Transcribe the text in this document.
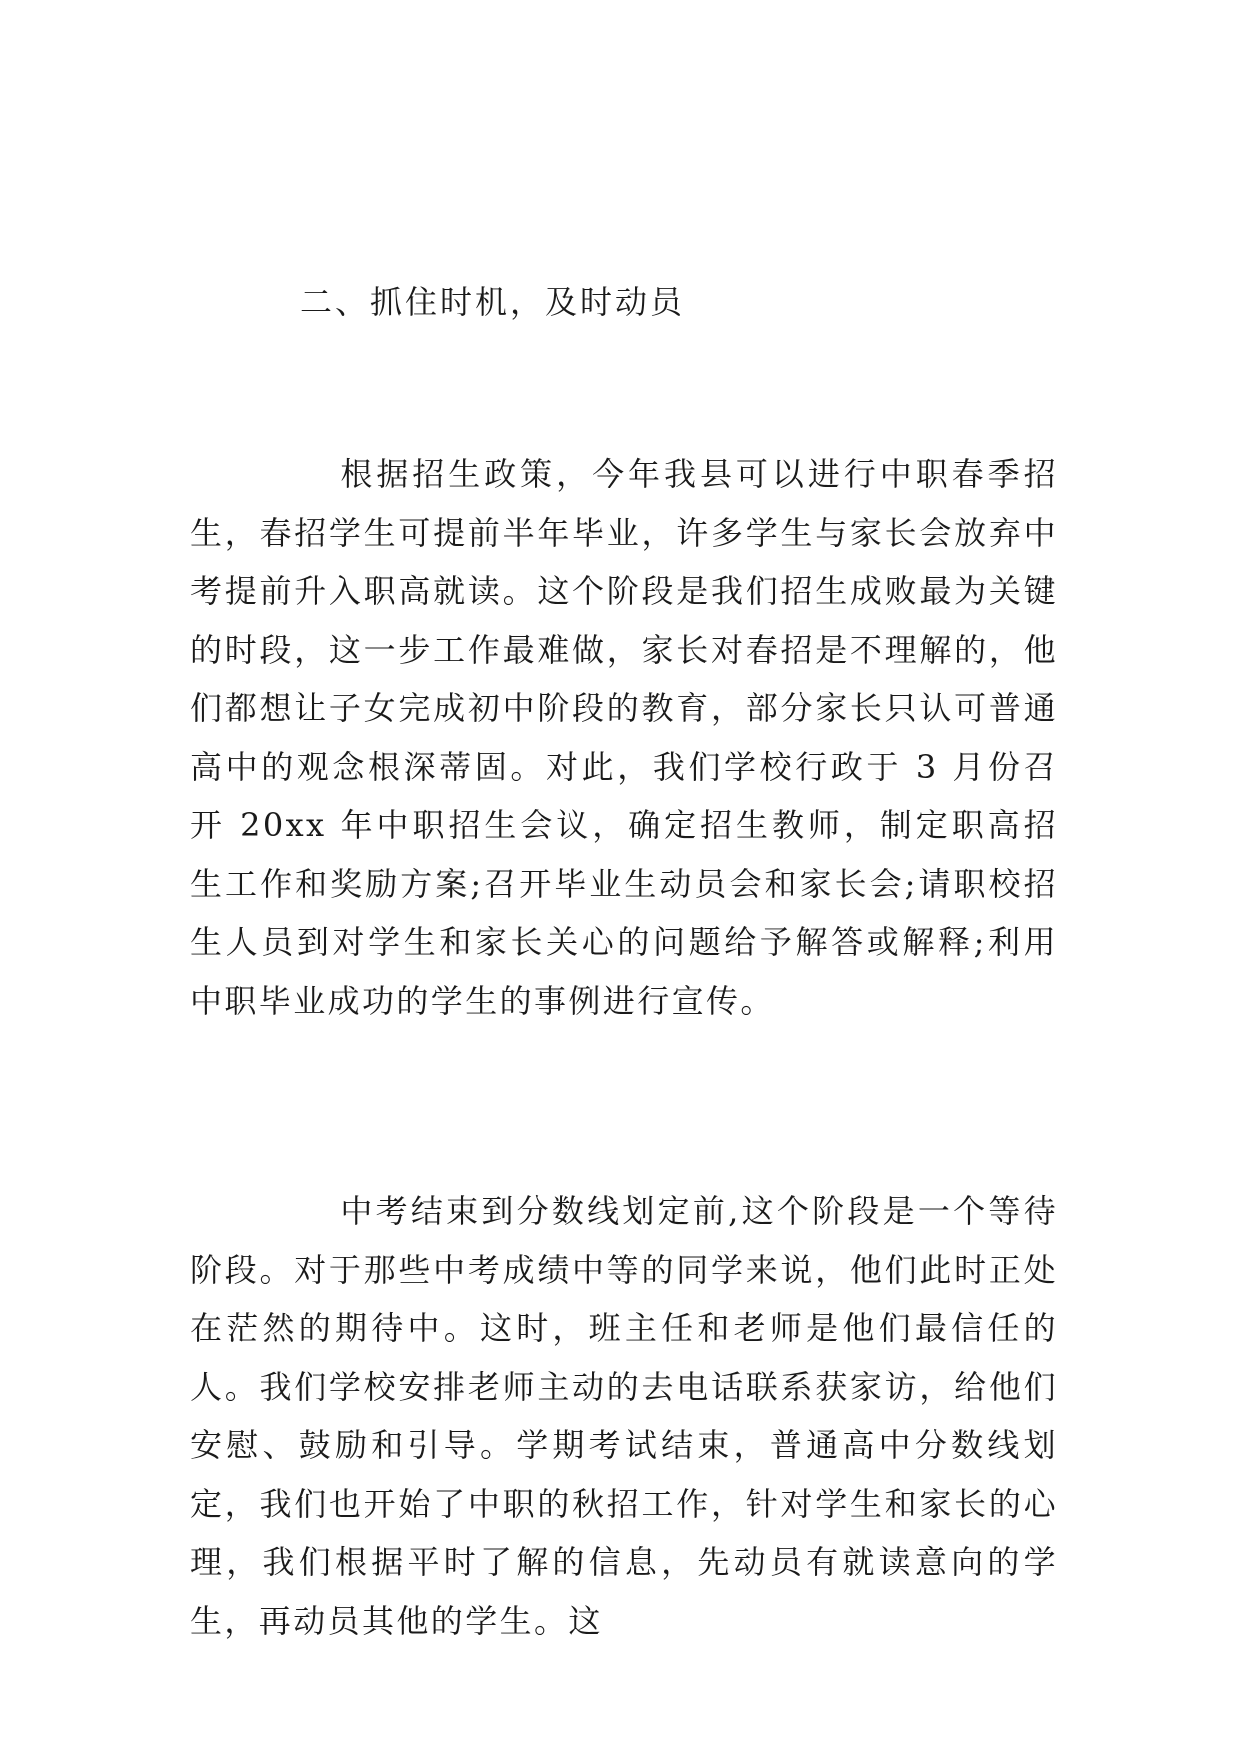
二、抓住时机，及时动员

根据招生政策，今年我县可以进行中职春季招生，春招学生可提前半年毕业，许多学生与家长会放弃中考提前升入职高就读。这个阶段是我们招生成败最为关键的时段，这一步工作最难做，家长对春招是不理解的，他们都想让子女完成初中阶段的教育，部分家长只认可普通高中的观念根深蒂固。对此，我们学校行政于 3 月份召开 20xx 年中职招生会议，确定招生教师，制定职高招生工作和奖励方案;召开毕业生动员会和家长会;请职校招生人员到对学生和家长关心的问题给予解答或解释;利用中职毕业成功的学生的事例进行宣传。

中考结束到分数线划定前,这个阶段是一个等待阶段。对于那些中考成绩中等的同学来说，他们此时正处在茫然的期待中。这时，班主任和老师是他们最信任的人。我们学校安排老师主动的去电话联系获家访，给他们安慰、鼓励和引导。学期考试结束，普通高中分数线划定，我们也开始了中职的秋招工作，针对学生和家长的心理，我们根据平时了解的信息，先动员有就读意向的学生，再动员其他的学生。这
